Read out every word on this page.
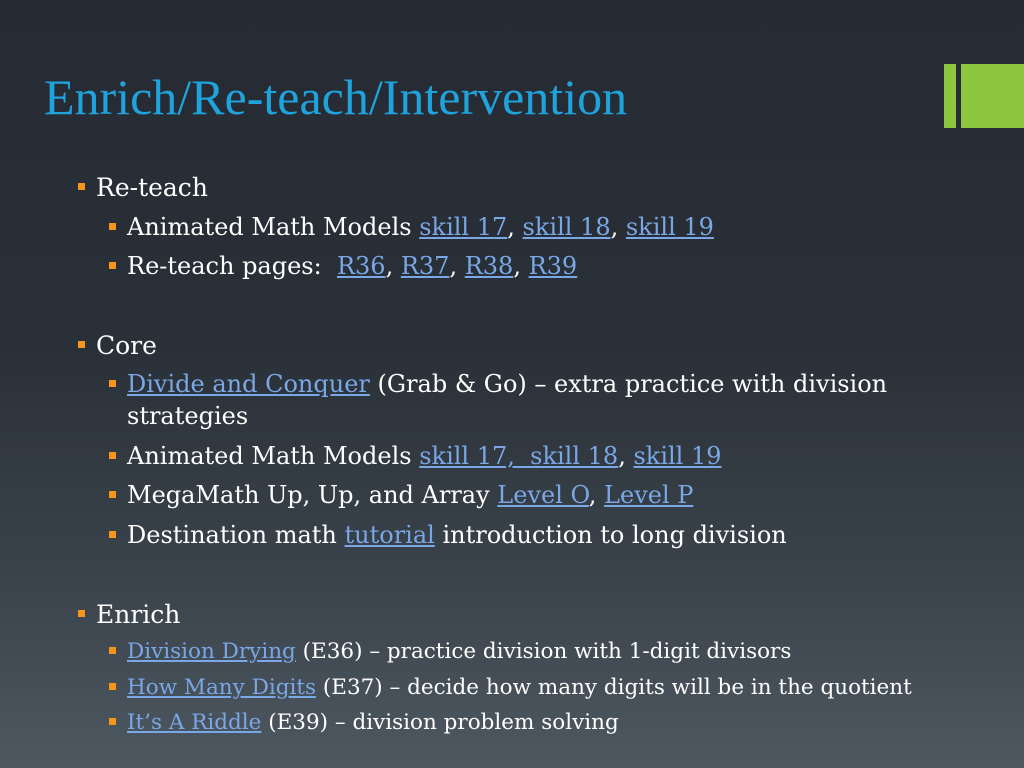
Enrich/Re-teach/Intervention
Re-teach
Animated Math Models skill 17, skill 18, skill 19
Re-teach pages:  R36, R37, R38, R39
Core
Divide and Conquer (Grab & Go) – extra practice with division
strategies
Animated Math Models skill 17,  skill 18, skill 19
MegaMath Up, Up, and Array Level O, Level P
Destination math tutorial introduction to long division
Enrich
Division Drying (E36) – practice division with 1-digit divisors
How Many Digits (E37) – decide how many digits will be in the quotient
It’s A Riddle (E39) – division problem solving
